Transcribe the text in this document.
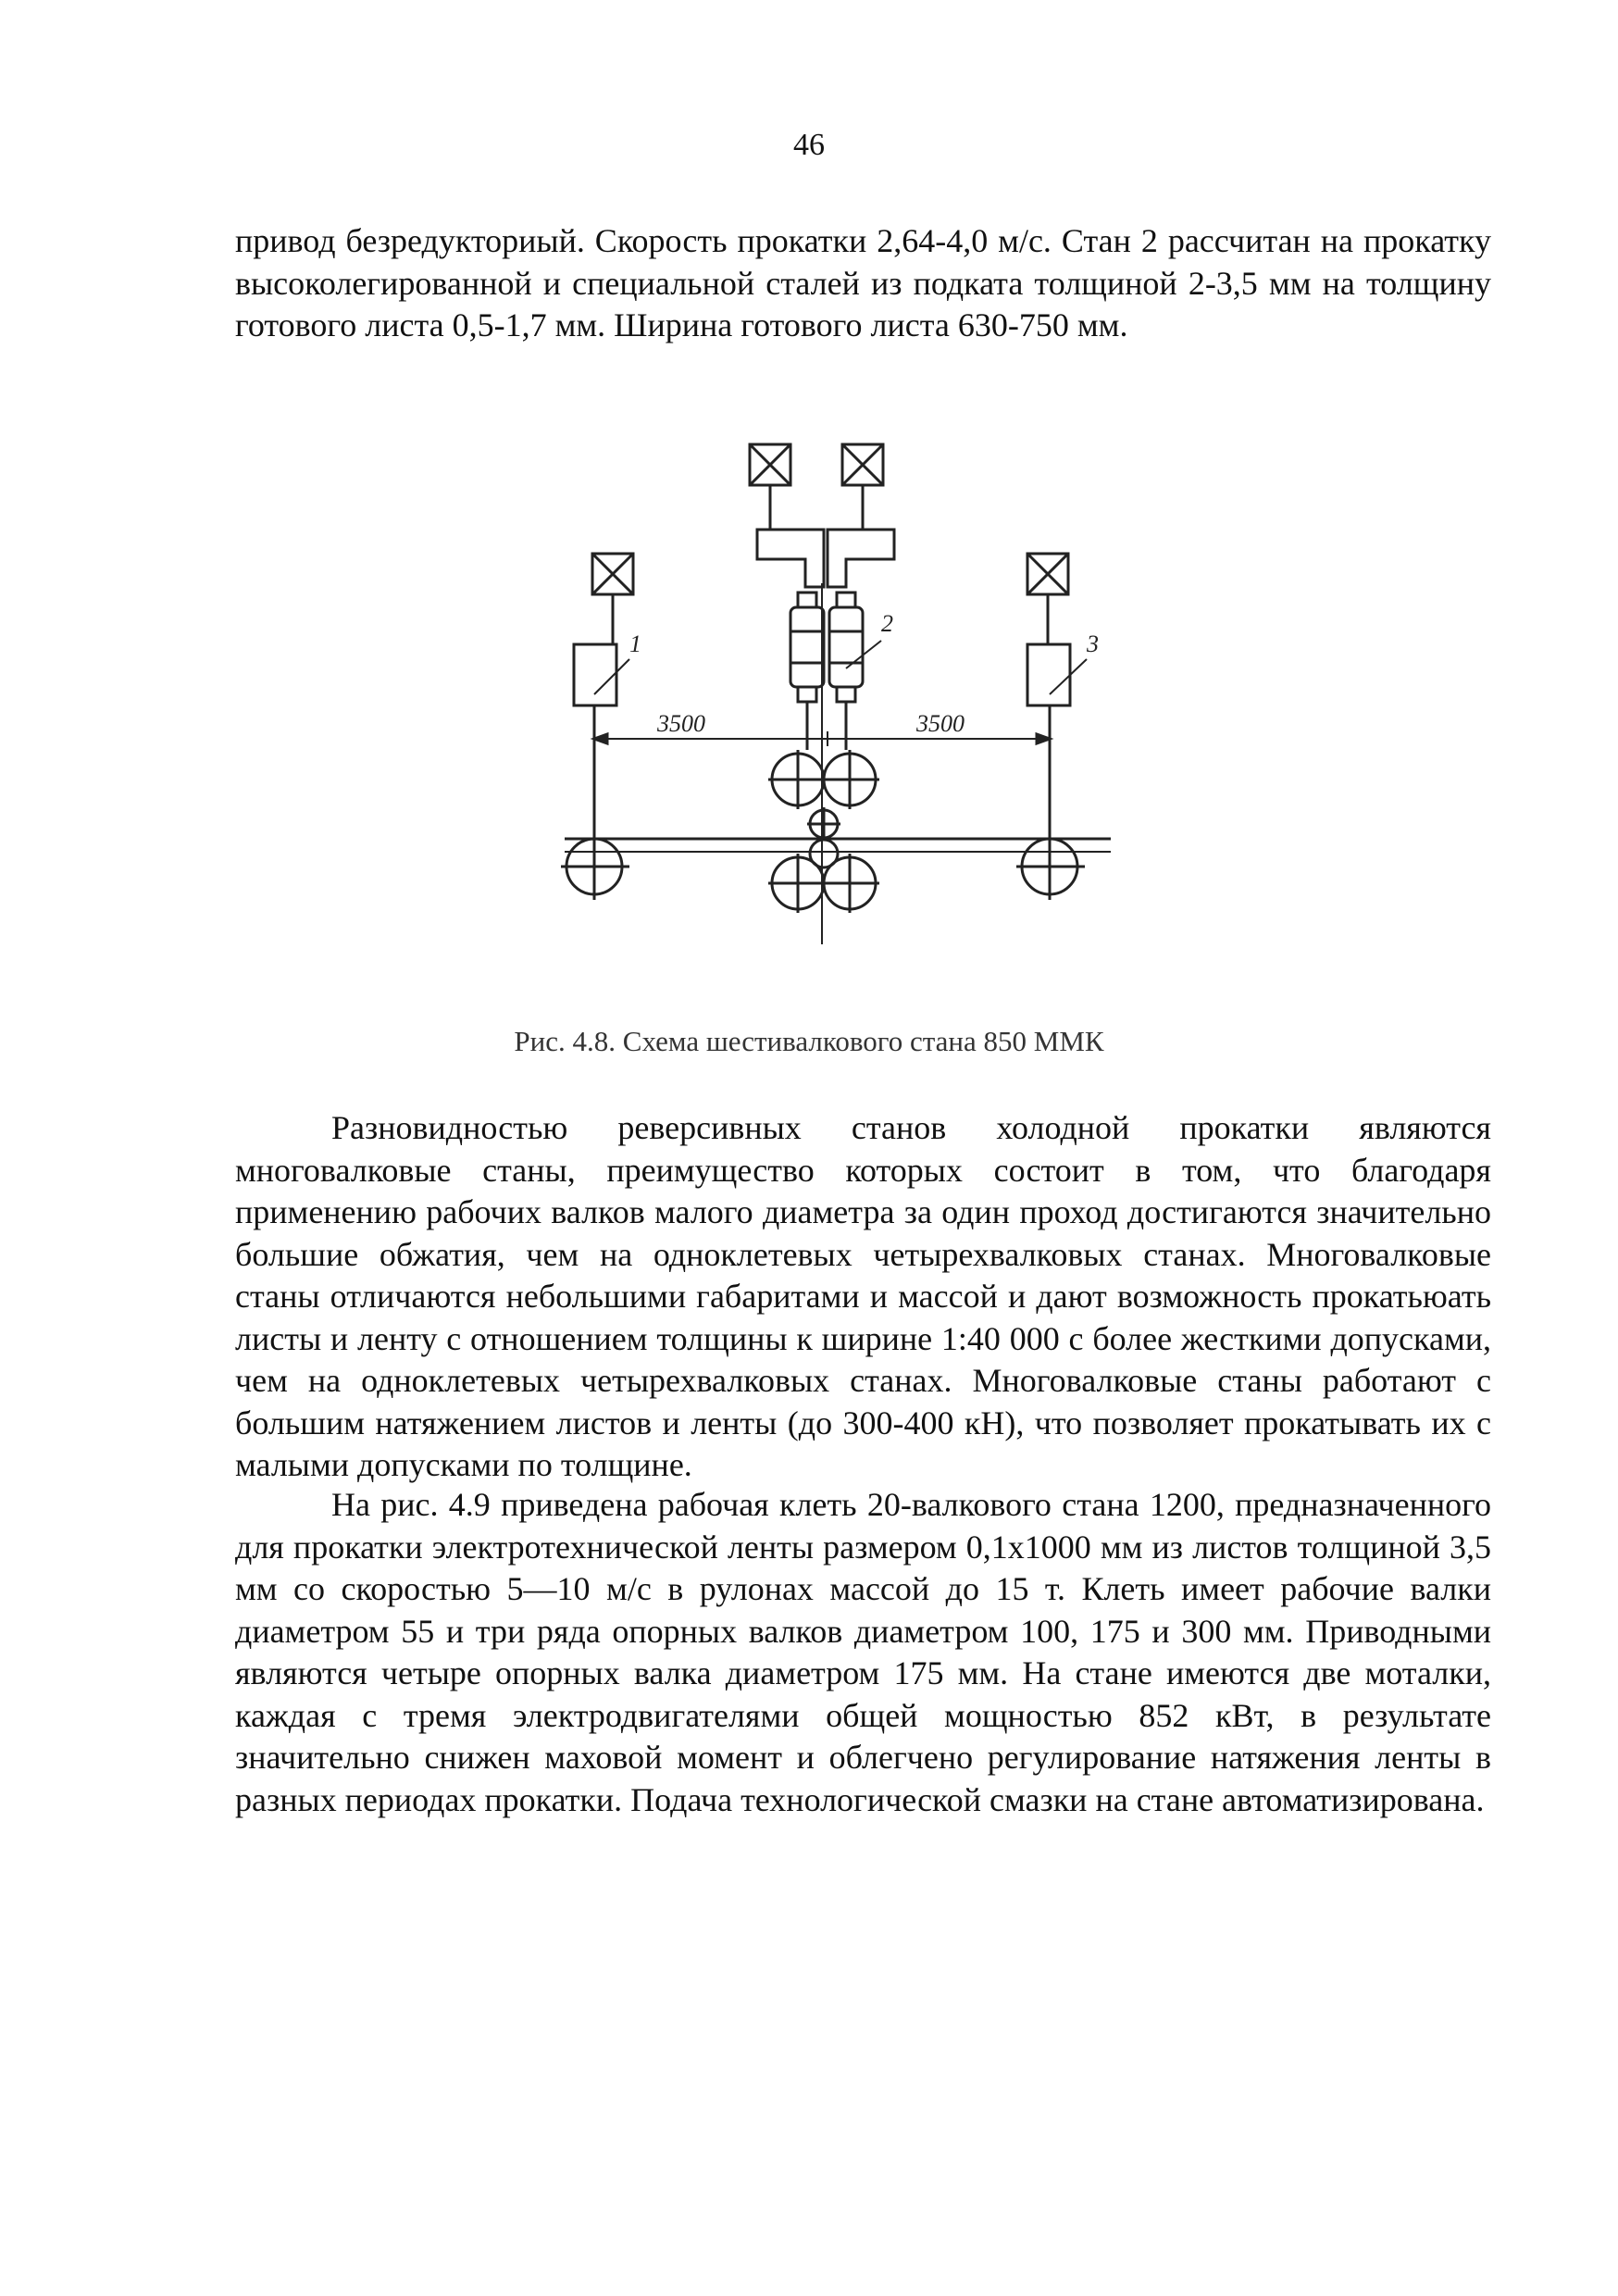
46

привод безредукториый. Скорость прокатки 2,64-4,0 м/с. Стан 2 рассчитан на прокатку высоколегированной и специальной сталей из подката толщиной 2-3,5 мм на толщину готового листа 0,5-1,7 мм. Ширина готового листа 630-750 мм.

1
2
3
3500	3500
Рис. 4.8. Схема шестивалкового стана 850 ММК

Разновидностью реверсивных станов холодной прокатки являются многовалковые станы, преимущество которых состоит в том, что благодаря применению рабочих валков малого диаметра за один проход достигаются значительно большие обжатия, чем на одноклетевых четырехвалковых станах. Многовалковые станы отличаются небольшими габаритами и массой и дают возможность прокатьюать листы и ленту с отношением толщины к ширине 1:40 000 с более жесткими допусками, чем на одноклетевых четырехвалковых станах. Многовалковые станы работают с большим натяжением листов и ленты (до 300-400 кН), что позволяет прокатывать их с малыми допусками по толщине.

На рис. 4.9 приведена рабочая клеть 20-валкового стана 1200, предназначенного для прокатки электротехнической ленты размером 0,1x1000 мм из листов толщиной 3,5 мм со скоростью 5—10 м/с в рулонах массой до 15 т. Клеть имеет рабочие валки диаметром 55 и три ряда опорных валков диаметром 100, 175 и 300 мм. Приводными являются четыре опорных валка диаметром 175 мм. На стане имеются две моталки, каждая с тремя электродвигателями общей мощностью 852 кВт, в результате значительно снижен маховой момент и облегчено регулирование натяжения ленты в разных периодах прокатки. Подача технологической смазки на стане автоматизирована.
